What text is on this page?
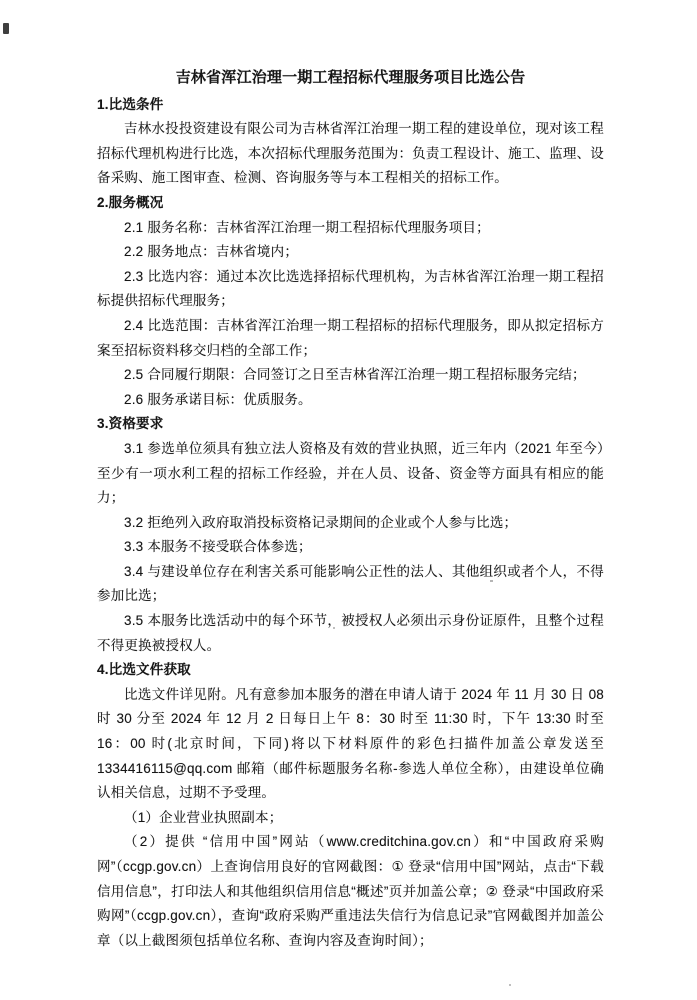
吉林省浑江治理一期工程招标代理服务项目比选公告

1.比选条件

吉林水投投资建设有限公司为吉林省浑江治理一期工程的建设单位，现对该工程招标代理机构进行比选，本次招标代理服务范围为：负责工程设计、施工、监理、设备采购、施工图审查、检测、咨询服务等与本工程相关的招标工作。

2.服务概况

2.1 服务名称：吉林省浑江治理一期工程招标代理服务项目；

2.2 服务地点：吉林省境内；

2.3 比选内容：通过本次比选选择招标代理机构，为吉林省浑江治理一期工程招标提供招标代理服务；

2.4 比选范围：吉林省浑江治理一期工程招标的招标代理服务，即从拟定招标方案至招标资料移交归档的全部工作；

2.5 合同履行期限：合同签订之日至吉林省浑江治理一期工程招标服务完结；

2.6 服务承诺目标：优质服务。

3.资格要求

3.1 参选单位须具有独立法人资格及有效的营业执照，近三年内（2021 年至今）至少有一项水利工程的招标工作经验，并在人员、设备、资金等方面具有相应的能力；

3.2 拒绝列入政府取消投标资格记录期间的企业或个人参与比选；

3.3 本服务不接受联合体参选；

3.4 与建设单位存在利害关系可能影响公正性的法人、其他组织或者个人，不得参加比选；

3.5 本服务比选活动中的每个环节，被授权人必须出示身份证原件，且整个过程不得更换被授权人。

4.比选文件获取

比选文件详见附。凡有意参加本服务的潜在申请人请于 2024 年 11 月 30 日 08 时 30 分至 2024 年 12 月 2 日每日上午 8：30 时至 11:30 时，下午 13:30 时至 16：00 时(北京时间，下同)将以下材料原件的彩色扫描件加盖公章发送至 1334416115@qq.com 邮箱（邮件标题服务名称-参选人单位全称），由建设单位确认相关信息，过期不予受理。

（1）企业营业执照副本；

（2）提供 “信用中国”网站（www.creditchina.gov.cn）和“中国政府采购网”（ccgp.gov.cn）上查询信用良好的官网截图：① 登录“信用中国”网站，点击“下载信用信息”，打印法人和其他组织信用信息“概述”页并加盖公章；② 登录“中国政府采购网”（ccgp.gov.cn），查询“政府采购严重违法失信行为信息记录”官网截图并加盖公章（以上截图须包括单位名称、查询内容及查询时间）；
